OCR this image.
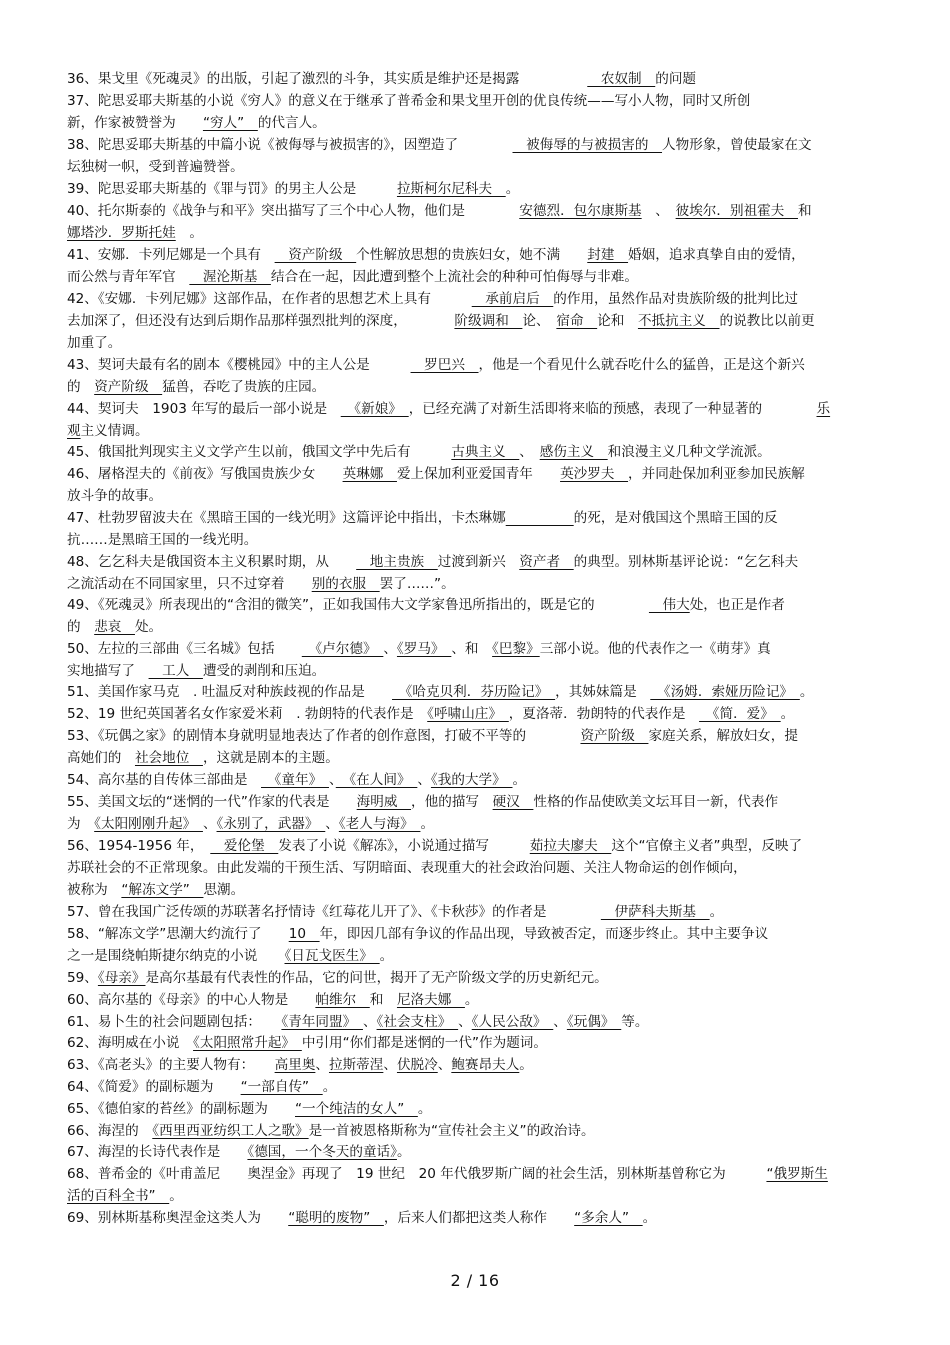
36、果戈里《死魂灵》的出版，引起了激烈的斗争，其实质是维护还是揭露　　　　　　农奴制　的问题
37、陀思妥耶夫斯基的小说《穷人》的意义在于继承了普希金和果戈里开创的优良传统——写小人物，同时又所创
新，作家被赞誉为　　“穷人”　的代言人。
38、陀思妥耶夫斯基的中篇小说《被侮辱与被损害的》，因塑造了　　　　　被侮辱的与被损害的　人物形象，曾使最家在文
坛独树一帜，受到普遍赞誉。
39、陀思妥耶夫斯基的《罪与罚》的男主人公是　　　拉斯柯尔尼科夫　。
40、托尔斯泰的《战争与和平》突出描写了三个中心人物，他们是　　　　安德烈．包尔康斯基　、　彼埃尔．别祖霍夫　和
娜塔沙．罗斯托娃　。
41、安娜．卡列尼娜是一个具有　　资产阶级　个性解放思想的贵族妇女，她不满　　封建　婚姻，追求真挚自由的爱情，
而公然与青年军官　　渥沦斯基　结合在一起，因此遭到整个上流社会的种种可怕侮辱与非难。
42、《安娜．卡列尼娜》这部作品，在作者的思想艺术上具有　　　　承前启后　的作用，虽然作品对贵族阶级的批判比过
去加深了，但还没有达到后期作品那样强烈批判的深度，　　　　阶级调和　论、　宿命　论和　不抵抗主义　的说教比以前更
加重了。
43、契诃夫最有名的剧本《樱桃园》中的主人公是　　　　罗巴兴　，他是一个看见什么就吞吃什么的猛兽，正是这个新兴
的　资产阶级　猛兽，吞吃了贵族的庄园。
44、契诃夫　1903 年写的最后一部小说是　　《新娘》　，已经充满了对新生活即将来临的预感，表现了一种显著的　　　　乐
观主义情调。
45、俄国批判现实主义文学产生以前，俄国文学中先后有　　　古典主义　、　感伤主义　和浪漫主义几种文学流派。
46、屠格涅夫的《前夜》写俄国贵族少女　　英琳娜　爱上保加利亚爱国青年　　英沙罗夫　，并同赴保加利亚参加民族解
放斗争的故事。
47、杜勃罗留波夫在《黑暗王国的一线光明》这篇评论中指出，卡杰琳娜　　　　　	的死，是对俄国这个黑暗王国的反
抗……是黑暗王国的一线光明。
48、乞乞科夫是俄国资本主义积累时期，从　　　地主贵族　过渡到新兴　资产者　的典型。别林斯基评论说：“乞乞科夫
之流活动在不同国家里，只不过穿着　　别的衣服　罢了……”。
49、《死魂灵》所表现出的“含泪的微笑”，正如我国伟大文学家鲁迅所指出的，既是它的　　　　　伟大处，也正是作者
的　悲哀　处。
50、左拉的三部曲《三名城》包括　　　《卢尔德》　、《罗马》　、和　《巴黎》三部小说。他的代表作之一《萌芽》真
实地描写了　　工人　遭受的剥削和压迫。
51、美国作家马克　. 吐温反对种族歧视的作品是　　　《哈克贝利．芬历险记》　，其姊妹篇是　　《汤姆．索娅历险记》　。
52、19 世纪英国著名女作家爱米莉　. 勃朗特的代表作是　《呼啸山庄》　，夏洛蒂．勃朗特的代表作是　　《简．爱》　。
53、《玩偶之家》的剧情本身就明显地表达了作者的创作意图，打破不平等的　　　　资产阶级　家庭关系，解放妇女，提
高她们的　社会地位　，这就是剧本的主题。
54、高尔基的自传体三部曲是　　《童年》　、　《在人间》　、《我的大学》　。
55、美国文坛的“迷惘的一代”作家的代表是　　海明威　，他的描写　硬汉　性格的作品使欧美文坛耳目一新，代表作
为　《太阳刚刚升起》　、《永别了，武器》　、《老人与海》　。
56、1954-1956 年，　　爱伦堡　发表了小说《解冻》，小说通过描写　　　茹拉夫廖夫　这个“官僚主义者”典型，反映了
苏联社会的不正常现象。由此发端的干预生活、写阴暗面、表现重大的社会政治问题、关注人物命运的创作倾向，
被称为　“解冻文学”　思潮。
57、曾在我国广泛传颂的苏联著名抒情诗《红莓花儿开了》、《卡秋莎》的作者是　　　　　伊萨科夫斯基　。
58、“解冻文学”思潮大约流行了　　10　年，即因几部有争议的作品出现，导致被否定，而逐步终止。其中主要争议
之一是围绕帕斯捷尔纳克的小说　　《日瓦戈医生》　。
59、《母亲》是高尔基最有代表性的作品，它的问世，揭开了无产阶级文学的历史新纪元。
60、高尔基的《母亲》的中心人物是　　帕维尔　和　尼洛夫娜　。
61、易卜生的社会问题剧包括：　　《青年同盟》　、《社会支柱》　、《人民公敌》　、《玩偶》　等。
62、海明威在小说　《太阳照常升起》　中引用“你们都是迷惘的一代”作为题词。
63、《高老头》的主要人物有：　　高里奥、拉斯蒂涅、伏脱冷、鲍赛昂夫人。
64、《简爱》的副标题为　　“一部自传”　。
65、《德伯家的苔丝》的副标题为　　“一个纯洁的女人”　。
66、海涅的　《西里西亚纺织工人之歌》是一首被恩格斯称为“宣传社会主义”的政治诗。
67、海涅的长诗代表作是　　《德国，一个冬天的童话》。
68、普希金的《叶甫盖尼　　奥涅金》再现了　19 世纪　20 年代俄罗斯广阔的社会生活，别林斯基曾称它为　　　“俄罗斯生
活的百科全书”　。
69、别林斯基称奥涅金这类人为　　“聪明的废物”　，后来人们都把这类人称作　　“多余人”　。
2 / 16
